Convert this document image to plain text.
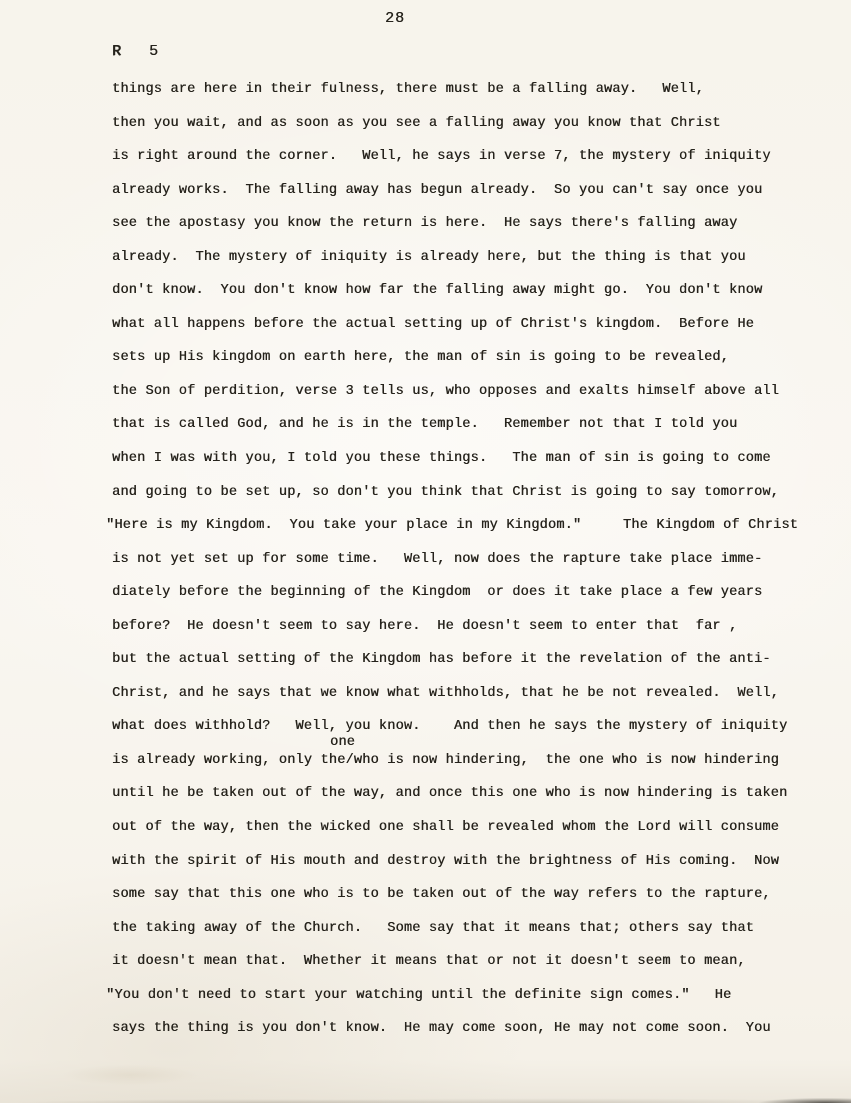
28
R 5
things are here in their fulness, there must be a falling away.   Well,
then you wait, and as soon as you see a falling away you know that Christ
is right around the corner.   Well, he says in verse 7, the mystery of iniquity
already works.  The falling away has begun already.  So you can't say once you
see the apostasy you know the return is here.  He says there's falling away
already.  The mystery of iniquity is already here, but the thing is that you
don't know.  You don't know how far the falling away might go.  You don't know
what all happens before the actual setting up of Christ's kingdom.  Before He
sets up His kingdom on earth here, the man of sin is going to be revealed,
the Son of perdition, verse 3 tells us, who opposes and exalts himself above all
that is called God, and he is in the temple.   Remember not that I told you
when I was with you, I told you these things.   The man of sin is going to come
and going to be set up, so don't you think that Christ is going to say tomorrow,
"Here is my Kingdom.  You take your place in my Kingdom."     The Kingdom of Christ
is not yet set up for some time.   Well, now does the rapture take place imme-
diately before the beginning of the Kingdom  or does it take place a few years
before?  He doesn't seem to say here.  He doesn't seem to enter that  far ,
but the actual setting of the Kingdom has before it the revelation of the anti-
Christ, and he says that we know what withholds, that he be not revealed.  Well,
what does withhold?   Well, you know.    And then he says the mystery of iniquity
is already working, only the/who is now hindering,  the one who is now hindering
one
until he be taken out of the way, and once this one who is now hindering is taken
out of the way, then the wicked one shall be revealed whom the Lord will consume
with the spirit of His mouth and destroy with the brightness of His coming.  Now
some say that this one who is to be taken out of the way refers to the rapture,
the taking away of the Church.   Some say that it means that; others say that
it doesn't mean that.  Whether it means that or not it doesn't seem to mean,
"You don't need to start your watching until the definite sign comes."   He
says the thing is you don't know.  He may come soon, He may not come soon.  You
